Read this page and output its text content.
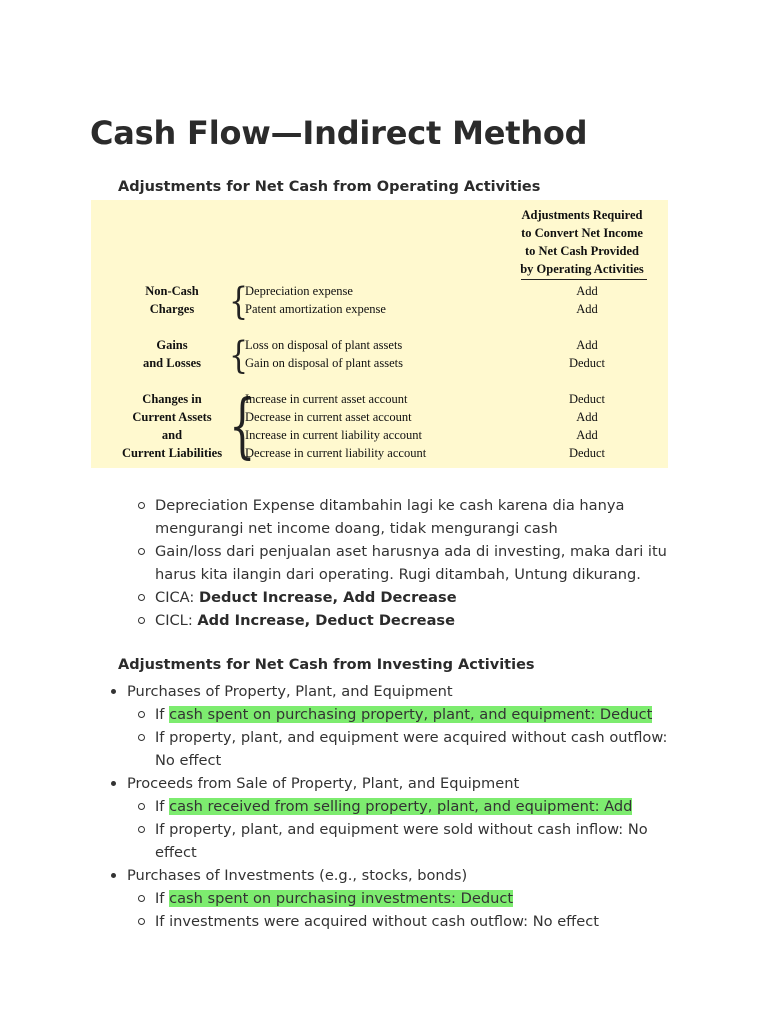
Cash Flow—Indirect Method
Adjustments for Net Cash from Operating Activities
Adjustments Required
to Convert Net Income
to Net Cash Provided
by Operating Activities
Non-Cash
Charges	{
Depreciation expense	Add
Patent amortization expense	Add
Gains
and Losses {
Loss on disposal of plant assets	Add
Gain on disposal of plant assets	Deduct
Changes in
Current Assets
and
Current Liabilities {
Increase in current asset account	Deduct
Decrease in current asset account	Add
Increase in current liability account	Add
Decrease in current liability account	Deduct
Depreciation Expense ditambahin lagi ke cash karena dia hanya mengurangi net income doang, tidak mengurangi cash
Gain/loss dari penjualan aset harusnya ada di investing, maka dari itu harus kita ilangin dari operating. Rugi ditambah, Untung dikurang.
CICA: Deduct Increase, Add Decrease
CICL: Add Increase, Deduct Decrease
Adjustments for Net Cash from Investing Activities
Purchases of Property, Plant, and Equipment
If cash spent on purchasing property, plant, and equipment: Deduct
If property, plant, and equipment were acquired without cash outflow: No effect
Proceeds from Sale of Property, Plant, and Equipment
If cash received from selling property, plant, and equipment: Add
If property, plant, and equipment were sold without cash inflow: No effect
Purchases of Investments (e.g., stocks, bonds)
If cash spent on purchasing investments: Deduct
If investments were acquired without cash outflow: No effect
